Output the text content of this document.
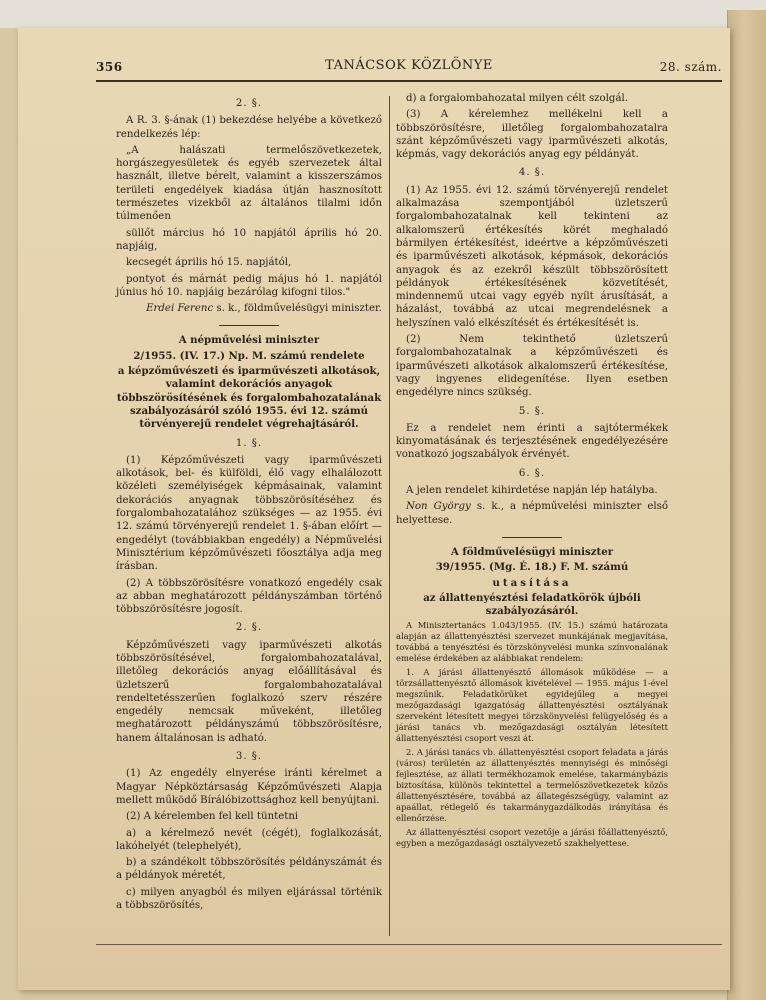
356	TANÁCSOK KÖZLÖNYE	28. szám.
2. §.

A R. 3. §-ának (1) bekezdése helyébe a következő rendelkezés lép:

„A halászati termelőszövetkezetek, horgászegyesületek és egyéb szervezetek által használt, illetve bérelt, valamint a kisszerszámos területi engedélyek kiadása útján hasznosított természetes vizekből az általános tilalmi időn túlmenően

süllőt március hó 10 napjától április hó 20. napjáig,

kecsegét április hó 15. napjától,

pontyot és márnát pedig május hó 1. napjától június hó 10. napjáig bezárólag kifogni tilos."

Erdei Ferenc s. k., földművelésügyi miniszter.
A népművelési miniszter
2/1955. (IV. 17.) Np. M. számú rendelete
a képzőművészeti és iparművészeti alkotások, valamint dekorációs anyagok többszörösítésének és forgalombahozatalának szabályozásáról szóló 1955. évi 12. számú törvényerejű rendelet végrehajtásáról.
1. §.

(1) Képzőművészeti vagy iparművészeti alkotások, bel- és külföldi, élő vagy elhalálozott közéleti személyiségek képmásainak, valamint dekorációs anyagnak többszörösítéséhez és forgalombahozatalához szükséges — az 1955. évi 12. számú törvényerejű rendelet 1. §-ában előírt — engedélyt (továbbiakban engedély) a Népművelési Minisztérium képzőművészeti főosztálya adja meg írásban.

(2) A többszörösítésre vonatkozó engedély csak az abban meghatározott példányszámban történő többszörösítésre jogosít.

2. §.

Képzőművészeti vagy iparművészeti alkotás többszörösítésével, forgalombahozatalával, illetőleg dekorációs anyag előállításával és üzletszerű forgalombahozatalával rendeltetésszerűen foglalkozó szerv részére engedély nemcsak műveként, illetőleg meghatározott példányszámú többszörösítésre, hanem általánosan is adható.

3. §.

(1) Az engedély elnyerése iránti kérelmet a Magyar Népköztársaság Képzőművészeti Alapja mellett működő Bírálóbizottsághoz kell benyújtani.

(2) A kérelemben fel kell tüntetni

a) a kérelmező nevét (cégét), foglalkozását, lakóhelyét (telephelyét),

b) a szándékolt többszörösítés példányszámát és a példányok méretét,

c) milyen anyagból és milyen eljárással történik a többszörösítés,

d) a forgalombahozatal milyen célt szolgál.

(3) A kérelemhez mellékelni kell a többszörösítésre, illetőleg forgalombahozatalra szánt képzőművészeti vagy iparművészeti alkotás, képmás, vagy dekorációs anyag egy példányát.

4. §.

(1) Az 1955. évi 12. számú törvényerejű rendelet alkalmazása szempontjából üzletszerű forgalombahozatalnak kell tekinteni az alkalomszerű értékesítés körét meghaladó bármilyen értékesítést, ideértve a képzőművészeti és iparművészeti alkotások, képmások, dekorációs anyagok és az ezekről készült többszörösített példányok értékesítésének közvetítését, mindennemű utcai vagy egyéb nyílt árusítását, a házalást, továbbá az utcai megrendelésnek a helyszínen való elkészítését és értékesítését is.

(2) Nem tekinthető üzletszerű forgalombahozatalnak a képzőművészeti és iparművészeti alkotások alkalomszerű értékesítése, vagy ingyenes elidegenítése. Ilyen esetben engedélyre nincs szükség.

5. §.

Ez a rendelet nem érinti a sajtótermékek kinyomatásának és terjesztésének engedélyezésére vonatkozó jogszabályok érvényét.

6. §.

A jelen rendelet kihirdetése napján lép hatályba.

Non György s. k., a népművelési miniszter első helyettese.

A földművelésügyi miniszter
39/1955. (Mg. É. 18.) F. M. számú
utasítása
az állattenyésztési feladatkörök újbóli szabályozásáról.

A Minisztertanács 1.043/1955. (IV. 15.) számú határozata alapján az állattenyésztési szervezet munkájának megjavítása, továbbá a tenyésztési és törzskönyvelési munka színvonalának emelése érdekében az alábbiakat rendelem:

1. A járási állattenyésztő állomások működése — a törzsállattenyésztő állomások kivételével — 1955. május 1-ével megszűnik. Feladatkörüket egyidejűleg a megyei mezőgazdasági igazgatóság állattenyésztési osztályának szerveként létesített megyei törzskönyvelési felügyelőség és a járási tanács vb. mezőgazdasági osztályán létesített állattenyésztési csoport veszi át.

2. A járási tanács vb. állattenyésztési csoport feladata a járás (város) területén az állattenyésztés mennyiségi és minőségi fejlesztése, az állati termékhozamok emelése, takarmánybázis biztosítása, különös tekintettel a termelőszövetkezetek közös állattenyésztésére, továbbá az állategészségügy, valamint az apaállat, rétlegelő és takarmánygazdálkodás irányítása és ellenőrzése.

Az állattenyésztési csoport vezetője a járási főállattenyésztő, egyben a mezőgazdasági osztályvezető szakhelyettese.
